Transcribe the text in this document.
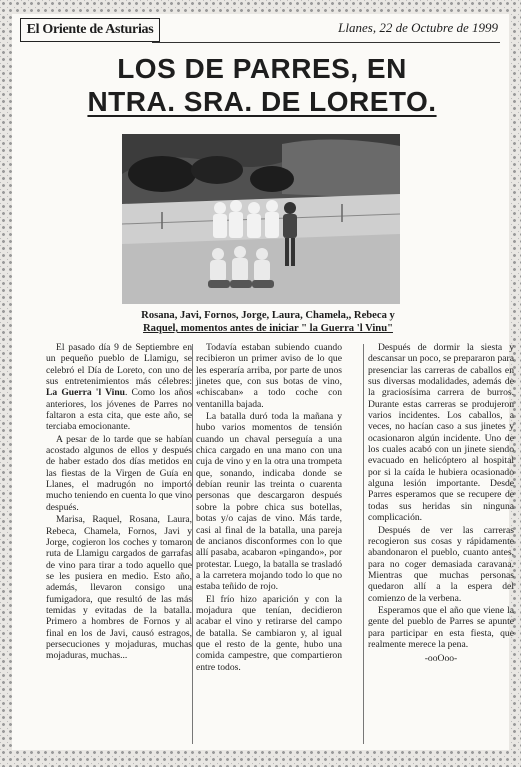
El Oriente de Asturias	Llanes, 22 de Octubre de 1999
LOS DE PARRES, EN
NTRA. SRA. DE LORETO.
Rosana, Javi, Fornos, Jorge, Laura, Chamela,, Rebeca y
Raquel, momentos antes de iniciar " la Guerra 'l Vinu"

El pasado día 9 de Septiembre en un pequeño pueblo de Llamigu, se celebró el Día de Loreto, con uno de sus entretenimientos más célebres: La Guerra 'l Vinu. Como los años anteriores, los jóvenes de Parres no faltaron a esta cita, que este año, se terciaba emocionante.

A pesar de lo tarde que se habían acostado algunos de ellos y después de haber estado dos días metidos en las fiestas de la Virgen de Guía en Llanes, el madrugón no importó mucho teniendo en cuenta lo que vino después.

Marisa, Raquel, Rosana, Laura, Rebeca, Chamela, Fornos, Javi y Jorge, cogieron los coches y tomaron ruta de Llamigu cargados de garrafas de vino para tirar a todo aquello que se les pusiera en medio. Esto año, además, llevaron consigo una fumigadora, que resultó de las más temidas y evitadas de la batalla. Primero a hombres de Fornos y al final en los de Javi, causó estragos, persecuciones y mojaduras, muchas mojaduras, muchas...

Todavía estaban subiendo cuando recibieron un primer aviso de lo que les esperaría arriba, por parte de unos jinetes que, con sus botas de vino, «chiscaban» a todo coche con ventanilla bajada.

La batalla duró toda la mañana y hubo varios momentos de tensión cuando un chaval perseguía a una chica cargado en una mano con una cuja de vino y en la otra una trompeta que, sonando, indicaba donde se debían reunir las treinta o cuarenta personas que descargaron después sobre la pobre chica sus botellas, botas y/o cajas de vino. Más tarde, casi al final de la batalla, una pareja de ancianos disconformes con lo que allí pasaba, acabaron «pingando», por protestar. Luego, la batalla se trasladó a la carretera mojando todo lo que no estaba teñido de rojo.

El frío hizo aparición y con la mojadura que tenían, decidieron acabar el vino y retirarse del campo de batalla. Se cambiaron y, al igual que el resto de la gente, hubo una comida campestre, que compartieron entre todos.

Después de dormir la siesta y descansar un poco, se prepararon para presenciar las carreras de caballos en sus diversas modalidades, además de la graciosísima carrera de burros. Durante estas carreras se produjeron varios incidentes. Los caballos, a veces, no hacían caso a sus jinetes y ocasionaron algún incidente. Uno de los cuales acabó con un jinete siendo evacuado en helicóptero al hospital por si la caída le hubiera ocasionado alguna lesión importante. Desde Parres esperamos que se recupere de todas sus heridas sin ninguna complicación.

Después de ver las carreras recogieron sus cosas y rápidamente abandonaron el pueblo, cuanto antes, para no coger demasiada caravana. Mientras que muchas personas quedaron allí a la espera del comienzo de la verbena.

Esperamos que el año que viene la gente del pueblo de Parres se apunte para participar en esta fiesta, que realmente merece la pena.

-ooOoo-
